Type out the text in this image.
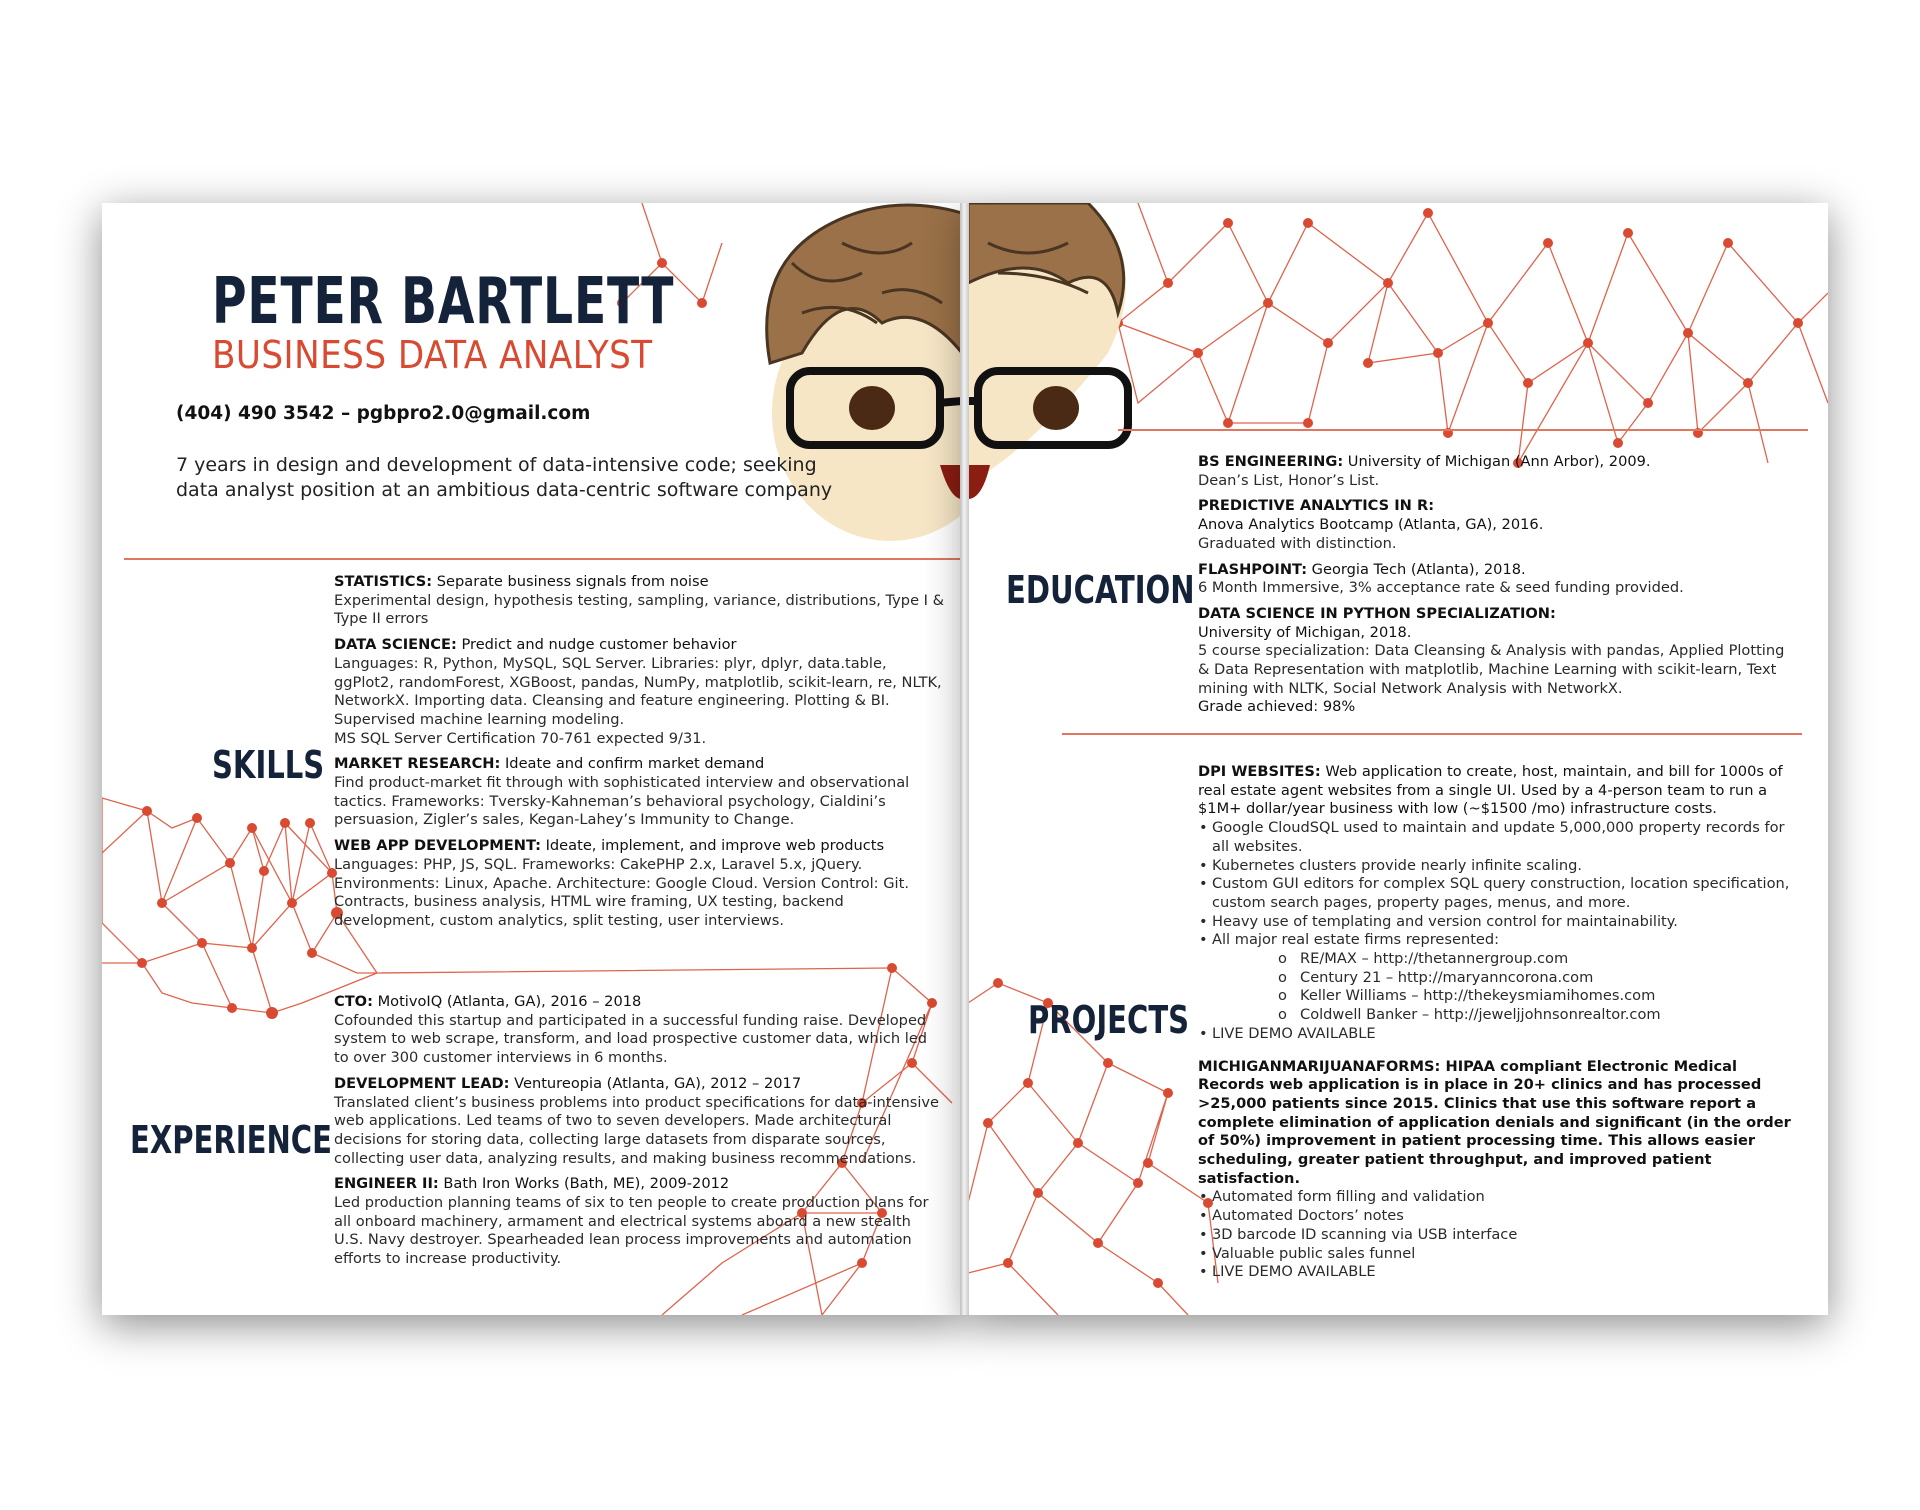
PETER BARTLETT
BUSINESS DATA ANALYST
(404) 490 3542 – pgbpro2.0@gmail.com
7 years in design and development of data-intensive code; seeking data analyst position at an ambitious data-centric software company
SKILLS

STATISTICS: Separate business signals from noise

Experimental design, hypothesis testing, sampling, variance, distributions, Type I & Type II errors

DATA SCIENCE: Predict and nudge customer behavior

Languages: R, Python, MySQL, SQL Server. Libraries: plyr, dplyr, data.table, ggPlot2, randomForest, XGBoost, pandas, NumPy, matplotlib, scikit-learn, re, NLTK, NetworkX. Importing data. Cleansing and feature engineering. Plotting & BI. Supervised machine learning modeling.

MS SQL Server Certification 70-761 expected 9/31.

MARKET RESEARCH: Ideate and confirm market demand

Find product-market fit through with sophisticated interview and observational tactics. Frameworks: Tversky-Kahneman’s behavioral psychology, Cialdini’s persuasion, Zigler’s sales, Kegan-Lahey’s Immunity to Change.

WEB APP DEVELOPMENT: Ideate, implement, and improve web products

Languages: PHP, JS, SQL. Frameworks: CakePHP 2.x, Laravel 5.x, jQuery. Environments: Linux, Apache. Architecture: Google Cloud. Version Control: Git. Contracts, business analysis, HTML wire framing, UX testing, backend development, custom analytics, split testing, user interviews.

EXPERIENCE

CTO: MotivoIQ (Atlanta, GA), 2016 – 2018

Cofounded this startup and participated in a successful funding raise. Developed system to web scrape, transform, and load prospective customer data, which led to over 300 customer interviews in 6 months.

DEVELOPMENT LEAD: Ventureopia (Atlanta, GA), 2012 – 2017

Translated client’s business problems into product specifications for data-intensive web applications. Led teams of two to seven developers. Made architectural decisions for storing data, collecting large datasets from disparate sources, collecting user data, analyzing results, and making business recommendations.

ENGINEER II: Bath Iron Works (Bath, ME), 2009-2012

Led production planning teams of six to ten people to create production plans for all onboard machinery, armament and electrical systems aboard a new stealth U.S. Navy destroyer. Spearheaded lean process improvements and automation efforts to increase productivity.

EDUCATION

BS ENGINEERING: University of Michigan (Ann Arbor), 2009.

Dean’s List, Honor’s List.

PREDICTIVE ANALYTICS IN R:

Anova Analytics Bootcamp (Atlanta, GA), 2016.

Graduated with distinction.

FLASHPOINT: Georgia Tech (Atlanta), 2018.

6 Month Immersive, 3% acceptance rate & seed funding provided.

DATA SCIENCE IN PYTHON SPECIALIZATION:

University of Michigan, 2018.

5 course specialization: Data Cleansing & Analysis with pandas, Applied Plotting & Data Representation with matplotlib, Machine Learning with scikit-learn, Text mining with NLTK, Social Network Analysis with NetworkX.

Grade achieved: 98%

PROJECTS

DPI WEBSITES: Web application to create, host, maintain, and bill for 1000s of real estate agent websites from a single UI. Used by a 4-person team to run a $1M+ dollar/year business with low (~$1500 /mo) infrastructure costs.

• Google CloudSQL used to maintain and update 5,000,000 property records for all websites.
• Kubernetes clusters provide nearly infinite scaling.
• Custom GUI editors for complex SQL query construction, location specification, custom search pages, property pages, menus, and more.
• Heavy use of templating and version control for maintainability.
• All major real estate firms represented:
o RE/MAX – http://thetannergroup.com
o Century 21 – http://maryanncorona.com
o Keller Williams – http://thekeysmiamihomes.com
o Coldwell Banker – http://jeweljjohnsonrealtor.com
• LIVE DEMO AVAILABLE

MICHIGANMARIJUANAFORMS: HIPAA compliant Electronic Medical Records web application is in place in 20+ clinics and has processed >25,000 patients since 2015. Clinics that use this software report a complete elimination of application denials and significant (in the order of 50%) improvement in patient processing time. This allows easier scheduling, greater patient throughput, and improved patient satisfaction.

• Automated form filling and validation
• Automated Doctors’ notes
• 3D barcode ID scanning via USB interface
• Valuable public sales funnel
• LIVE DEMO AVAILABLE
